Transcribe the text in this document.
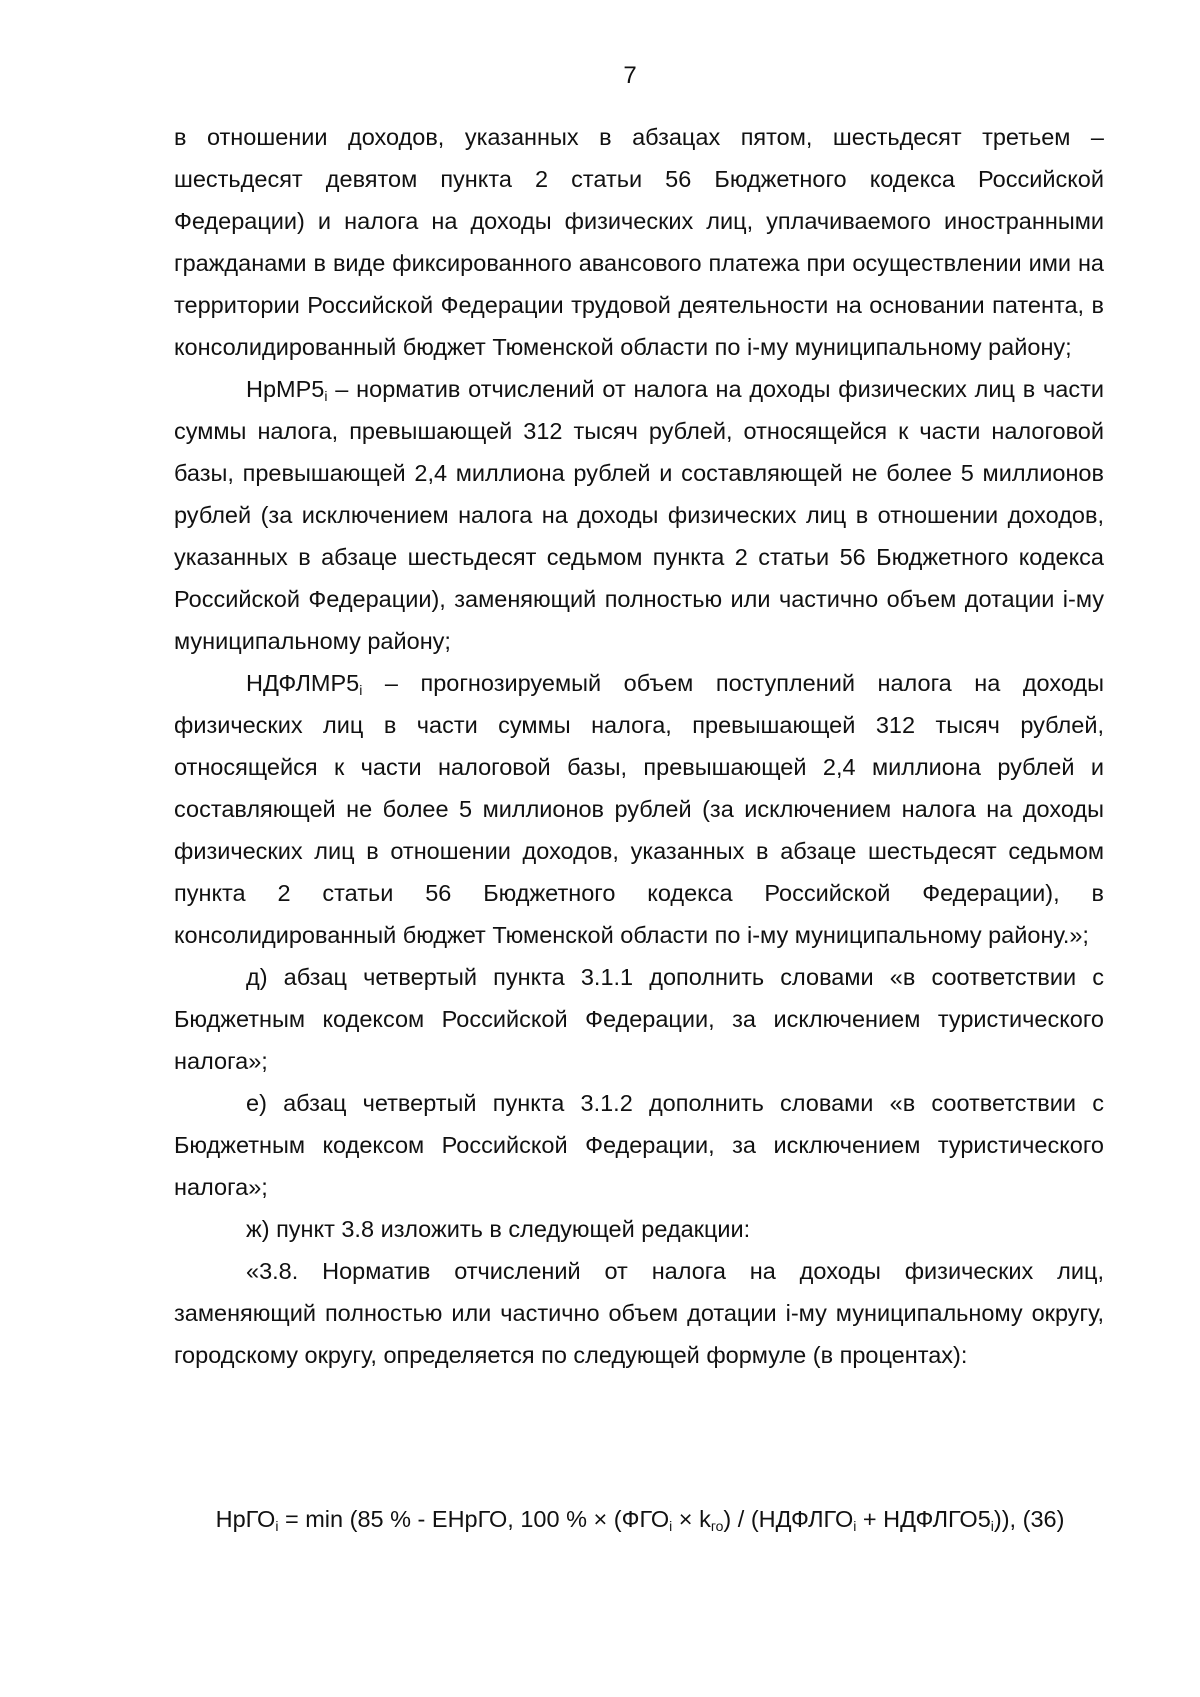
7

в отношении доходов, указанных в абзацах пятом, шестьдесят третьем – шестьдесят девятом пункта 2 статьи 56 Бюджетного кодекса Российской Федерации) и налога на доходы физических лиц, уплачиваемого иностранными гражданами в виде фиксированного авансового платежа при осуществлении ими на территории Российской Федерации трудовой деятельности на основании патента, в консолидированный бюджет Тюменской области по i-му муниципальному району;

$НрМР5_i$ – норматив отчислений от налога на доходы физических лиц в части суммы налога, превышающей 312 тысяч рублей, относящейся к части налоговой базы, превышающей 2,4 миллиона рублей и составляющей не более 5 миллионов рублей (за исключением налога на доходы физических лиц в отношении доходов, указанных в абзаце шестьдесят седьмом пункта 2 статьи 56 Бюджетного кодекса Российской Федерации), заменяющий полностью или частично объем дотации i-му муниципальному району;

$НДФЛМР5_i$ – прогнозируемый объем поступлений налога на доходы физических лиц в части суммы налога, превышающей 312 тысяч рублей, относящейся к части налоговой базы, превышающей 2,4 миллиона рублей и составляющей не более 5 миллионов рублей (за исключением налога на доходы физических лиц в отношении доходов, указанных в абзаце шестьдесят седьмом пункта 2 статьи 56 Бюджетного кодекса Российской Федерации), в консолидированный бюджет Тюменской области по i-му муниципальному району.»;

д) абзац четвертый пункта 3.1.1 дополнить словами «в соответствии с Бюджетным кодексом Российской Федерации, за исключением туристического налога»;

е) абзац четвертый пункта 3.1.2 дополнить словами «в соответствии с Бюджетным кодексом Российской Федерации, за исключением туристического налога»;

ж) пункт 3.8 изложить в следующей редакции:

«3.8. Норматив отчислений от налога на доходы физических лиц, заменяющий полностью или частично объем дотации i-му муниципальному округу, городскому округу, определяется по следующей формуле (в процентах):

НрГО$_i$ = min (85 % - ЕНрГО, 100 % × $(ФГО_i \times k_{го})$ / ($НДФЛГО_i$ + $НДФЛГО5_i$)), (36)
